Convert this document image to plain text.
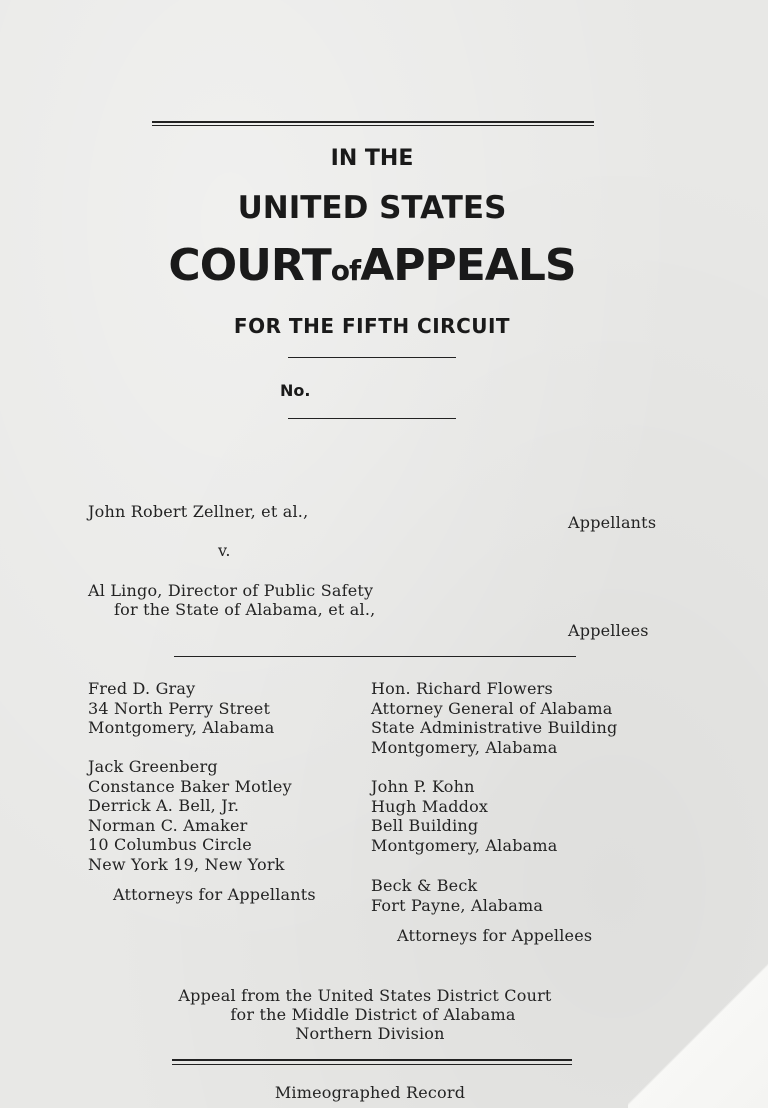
IN THE
UNITED STATES
COURTofAPPEALS
FOR THE FIFTH CIRCUIT
No.
John Robert Zellner, et al.,
Appellants
v.
Al Lingo, Director of Public Safety
for the State of Alabama, et al.,
Appellees
Fred D. Gray
34 North Perry Street
Montgomery, Alabama
Jack Greenberg
Constance Baker Motley
Derrick A. Bell, Jr.
Norman C. Amaker
10 Columbus Circle
New York 19, New York
Attorneys for Appellants
Hon. Richard Flowers
Attorney General of Alabama
State Administrative Building
Montgomery, Alabama
John P. Kohn
Hugh Maddox
Bell Building
Montgomery, Alabama
Beck & Beck
Fort Payne, Alabama
Attorneys for Appellees
Appeal from the United States District Court
for the Middle District of Alabama
Northern Division
Mimeographed Record
